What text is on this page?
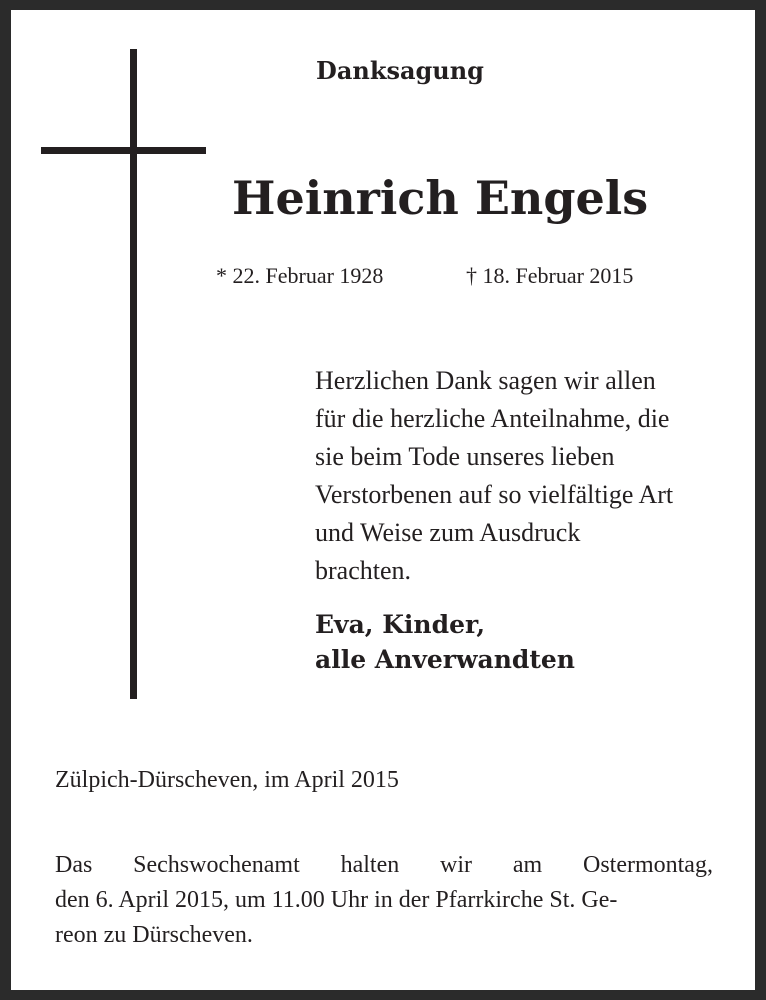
Danksagung
Heinrich Engels
* 22. Februar 1928	† 18. Februar 2015
Herzlichen Dank sagen wir allen
für die herzliche Anteilnahme, die
sie beim Tode unseres lieben
Verstorbenen auf so vielfältige Art
und Weise zum Ausdruck
brachten.
Eva, Kinder,
alle Anverwandten
Zülpich-Dürscheven, im April 2015
Das Sechswochenamt halten wir am Ostermontag,
den 6. April 2015, um 11.00 Uhr in der Pfarrkirche St. Ge-
reon zu Dürscheven.
